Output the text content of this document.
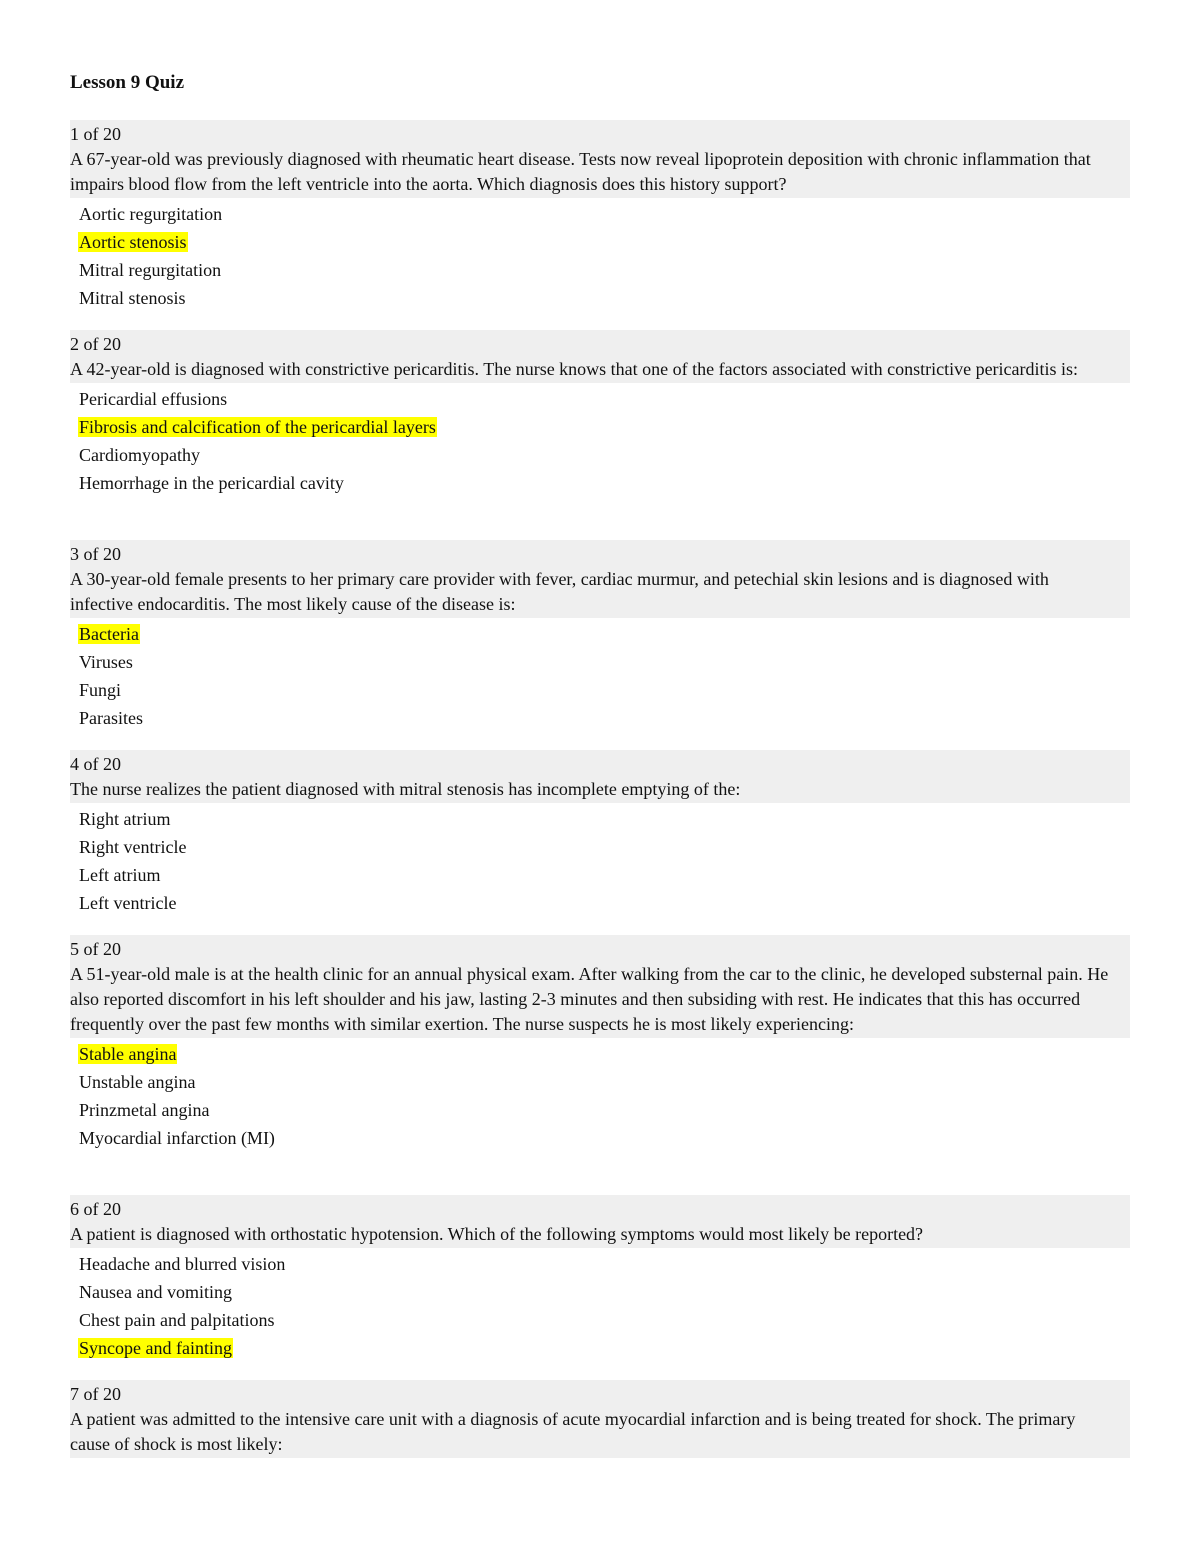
Lesson 9 Quiz
1 of 20
A 67-year-old was previously diagnosed with rheumatic heart disease. Tests now reveal lipoprotein deposition with chronic inflammation that impairs blood flow from the left ventricle into the aorta. Which diagnosis does this history support?
Aortic regurgitation
Aortic stenosis
Mitral regurgitation
Mitral stenosis
2 of 20
A 42-year-old is diagnosed with constrictive pericarditis. The nurse knows that one of the factors associated with constrictive pericarditis is:
Pericardial effusions
Fibrosis and calcification of the pericardial layers
Cardiomyopathy
Hemorrhage in the pericardial cavity
3 of 20
A 30-year-old female presents to her primary care provider with fever, cardiac murmur, and petechial skin lesions and is diagnosed with infective endocarditis. The most likely cause of the disease is:
Bacteria
Viruses
Fungi
Parasites
4 of 20
The nurse realizes the patient diagnosed with mitral stenosis has incomplete emptying of the:
Right atrium
Right ventricle
Left atrium
Left ventricle
5 of 20
A 51-year-old male is at the health clinic for an annual physical exam. After walking from the car to the clinic, he developed substernal pain. He also reported discomfort in his left shoulder and his jaw, lasting 2-3 minutes and then subsiding with rest. He indicates that this has occurred frequently over the past few months with similar exertion. The nurse suspects he is most likely experiencing:
Stable angina
Unstable angina
Prinzmetal angina
Myocardial infarction (MI)
6 of 20
A patient is diagnosed with orthostatic hypotension. Which of the following symptoms would most likely be reported?
Headache and blurred vision
Nausea and vomiting
Chest pain and palpitations
Syncope and fainting
7 of 20
A patient was admitted to the intensive care unit with a diagnosis of acute myocardial infarction and is being treated for shock. The primary cause of shock is most likely:
